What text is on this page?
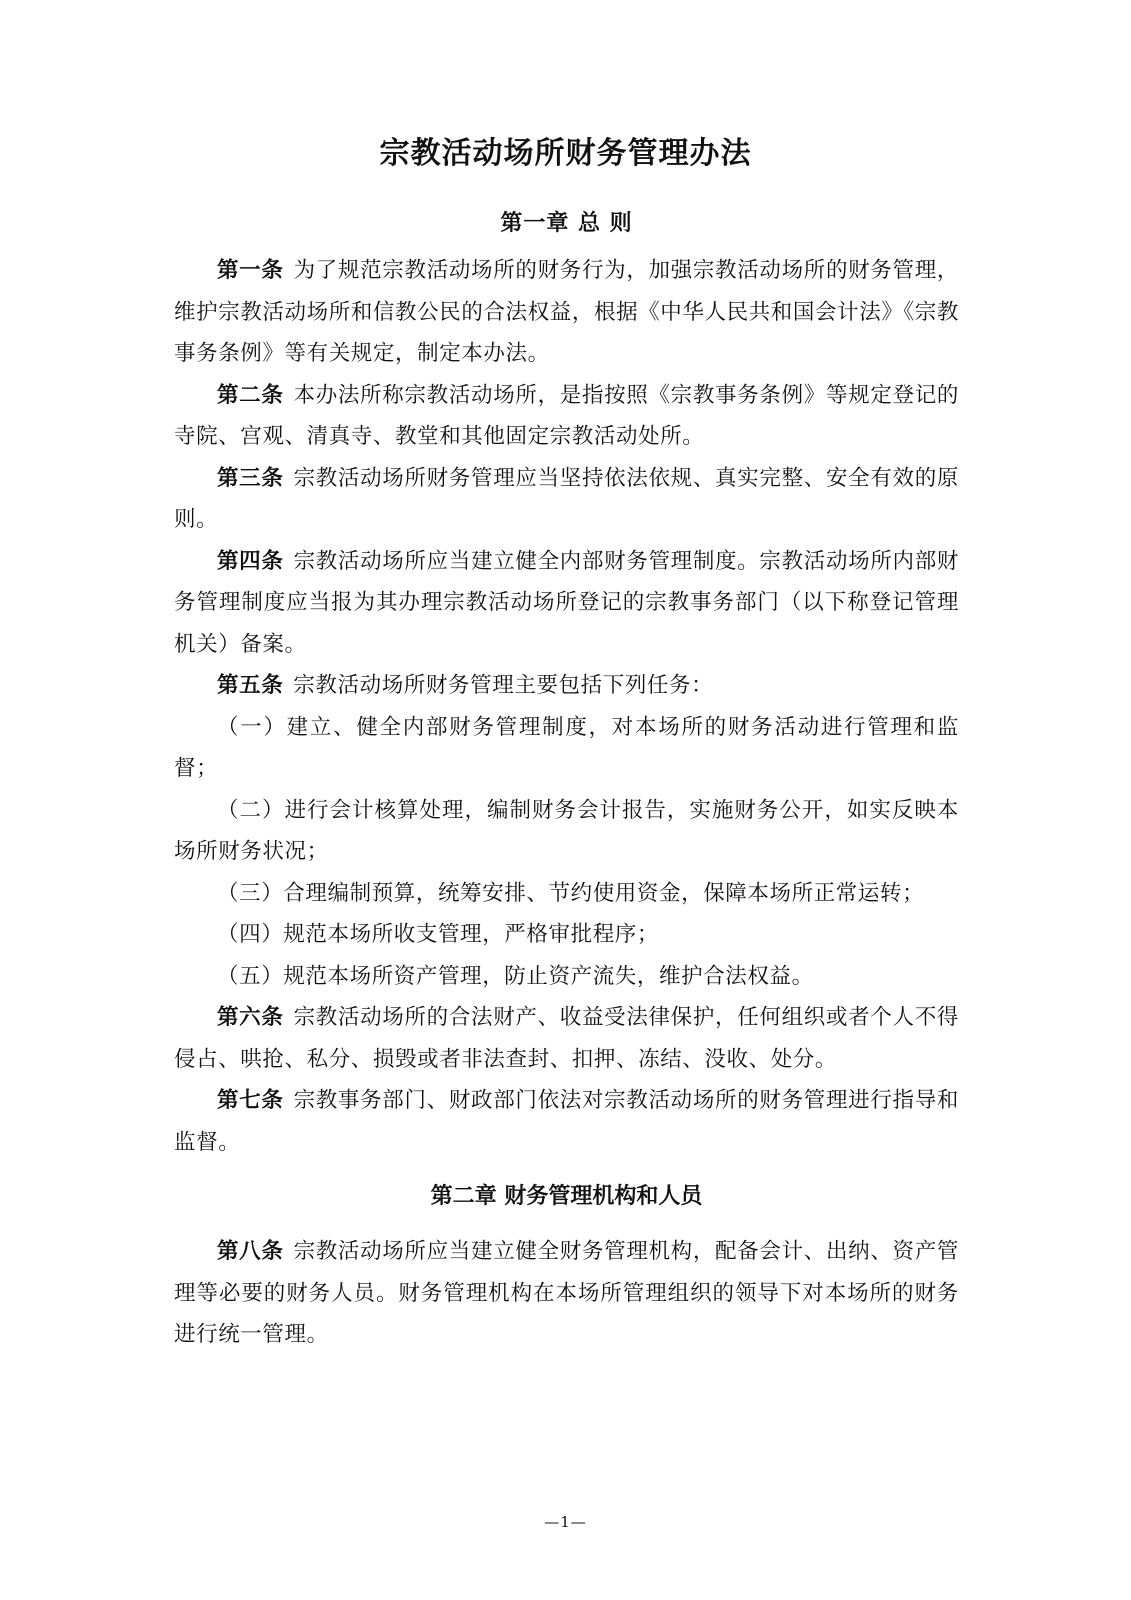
宗教活动场所财务管理办法
第一章 总 则

第一条 为了规范宗教活动场所的财务行为，加强宗教活动场所的财务管理，维护宗教活动场所和信教公民的合法权益，根据《中华人民共和国会计法》《宗教事务条例》等有关规定，制定本办法。

第二条 本办法所称宗教活动场所，是指按照《宗教事务条例》等规定登记的寺院、宫观、清真寺、教堂和其他固定宗教活动处所。

第三条 宗教活动场所财务管理应当坚持依法依规、真实完整、安全有效的原则。

第四条 宗教活动场所应当建立健全内部财务管理制度。宗教活动场所内部财务管理制度应当报为其办理宗教活动场所登记的宗教事务部门（以下称登记管理机关）备案。

第五条 宗教活动场所财务管理主要包括下列任务：

（一）建立、健全内部财务管理制度，对本场所的财务活动进行管理和监督；

（二）进行会计核算处理，编制财务会计报告，实施财务公开，如实反映本场所财务状况；

（三）合理编制预算，统筹安排、节约使用资金，保障本场所正常运转；

（四）规范本场所收支管理，严格审批程序；

（五）规范本场所资产管理，防止资产流失，维护合法权益。

第六条 宗教活动场所的合法财产、收益受法律保护，任何组织或者个人不得侵占、哄抢、私分、损毁或者非法查封、扣押、冻结、没收、处分。

第七条 宗教事务部门、财政部门依法对宗教活动场所的财务管理进行指导和监督。

第二章 财务管理机构和人员

第八条 宗教活动场所应当建立健全财务管理机构，配备会计、出纳、资产管理等必要的财务人员。财务管理机构在本场所管理组织的领导下对本场所的财务进行统一管理。

—1—
